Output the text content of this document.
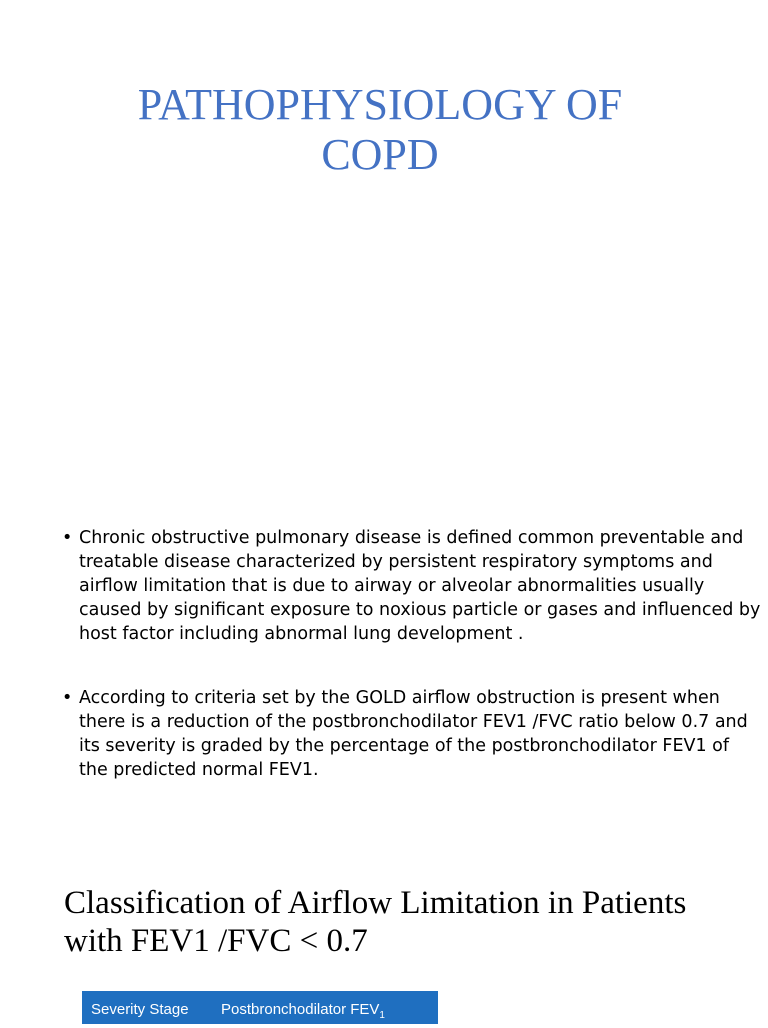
PATHOPHYSIOLOGY OF
COPD
• Chronic obstructive pulmonary disease is defined common preventable and treatable disease characterized by persistent respiratory symptoms and airflow limitation that is due to airway or alveolar abnormalities usually caused by significant exposure to noxious particle or gases and influenced by host factor including abnormal lung development .
• According to criteria set by the GOLD airflow obstruction is present when there is a reduction of the postbronchodilator FEV1 /FVC ratio below 0.7 and its severity is graded by the percentage of the postbronchodilator FEV1 of the predicted normal FEV1.
Classification of Airflow Limitation in Patients
with FEV1 /FVC < 0.7
Severity Stage Postbronchodilator $FEV_1$
